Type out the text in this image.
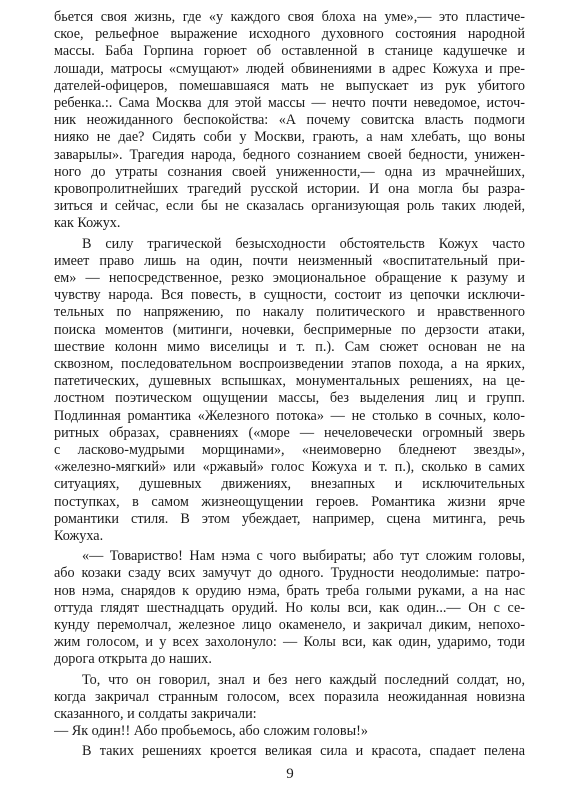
бьется своя жизнь, где «у каждого своя блоха на уме»,— это пластиче-
ское, рельефное выражение исходного духовного состояния народной
массы. Баба Горпина горюет об оставленной в станице кадушечке и
лошади, матросы «смущают» людей обвинениями в адрес Кожуха и пре-
дателей-офицеров, помешавшаяся мать не выпускает из рук убитого
ребенка.:. Сама Москва для этой массы — нечто почти неведомое, источ-
ник неожиданного беспокойства: «А почему совитска власть подмоги
нияко не дае? Сидять соби у Москви, грають, а нам хлебать, що воны
заварылы». Трагедия народа, бедного сознанием своей бедности, унижен-
ного до утраты сознания своей униженности,— одна из мрачнейших,
кровопролитнейших трагедий русской истории. И она могла бы разра-
зиться и сейчас, если бы не сказалась организующая роль таких людей,
как Кожух.
В силу трагической безысходности обстоятельств Кожух часто
имеет право лишь на один, почти неизменный «воспитательный при-
ем» — непосредственное, резко эмоциональное обращение к разуму и
чувству народа. Вся повесть, в сущности, состоит из цепочки исключи-
тельных по напряжению, по накалу политического и нравственного
поиска моментов (митинги, ночевки, беспримерные по дерзости атаки,
шествие колонн мимо виселицы и т. п.). Сам сюжет основан не на
сквозном, последовательном воспроизведении этапов похода, а на ярких,
патетических, душевных вспышках, монументальных решениях, на це-
лостном поэтическом ощущении массы, без выделения лиц и групп.
Подлинная романтика «Железного потока» — не столько в сочных, коло-
ритных образах, сравнениях («море — нечеловечески огромный зверь
с ласково-мудрыми морщинами», «неимоверно бледнеют звезды»,
«железно-мягкий» или «ржавый» голос Кожуха и т. п.), сколько в самих
ситуациях, душевных движениях, внезапных и исключительных
поступках, в самом жизнеощущении героев. Романтика жизни ярче
романтики стиля. В этом убеждает, например, сцена митинга, речь
Кожуха.
«— Товариство! Нам нэма с чого выбираты; або тут сложим головы,
або козаки сзаду всих замучут до одного. Трудности неодолимые: патро-
нов нэма, снарядов к орудию нэма, брать треба голыми руками, а на нас
оттуда глядят шестнадцать орудий. Но колы вси, как один...— Он с се-
кунду перемолчал, железное лицо окаменело, и закричал диким, непохо-
жим голосом, и у всех захолонуло: — Колы вси, как один, ударимо, тоди
дорога открыта до наших.
То, что он говорил, знал и без него каждый последний солдат, но,
когда закричал странным голосом, всех поразила неожиданная новизна
сказанного, и солдаты закричали:
— Як один!! Або пробьемось, або сложим головы!»
В таких решениях кроется великая сила и красота, спадает пелена
9
